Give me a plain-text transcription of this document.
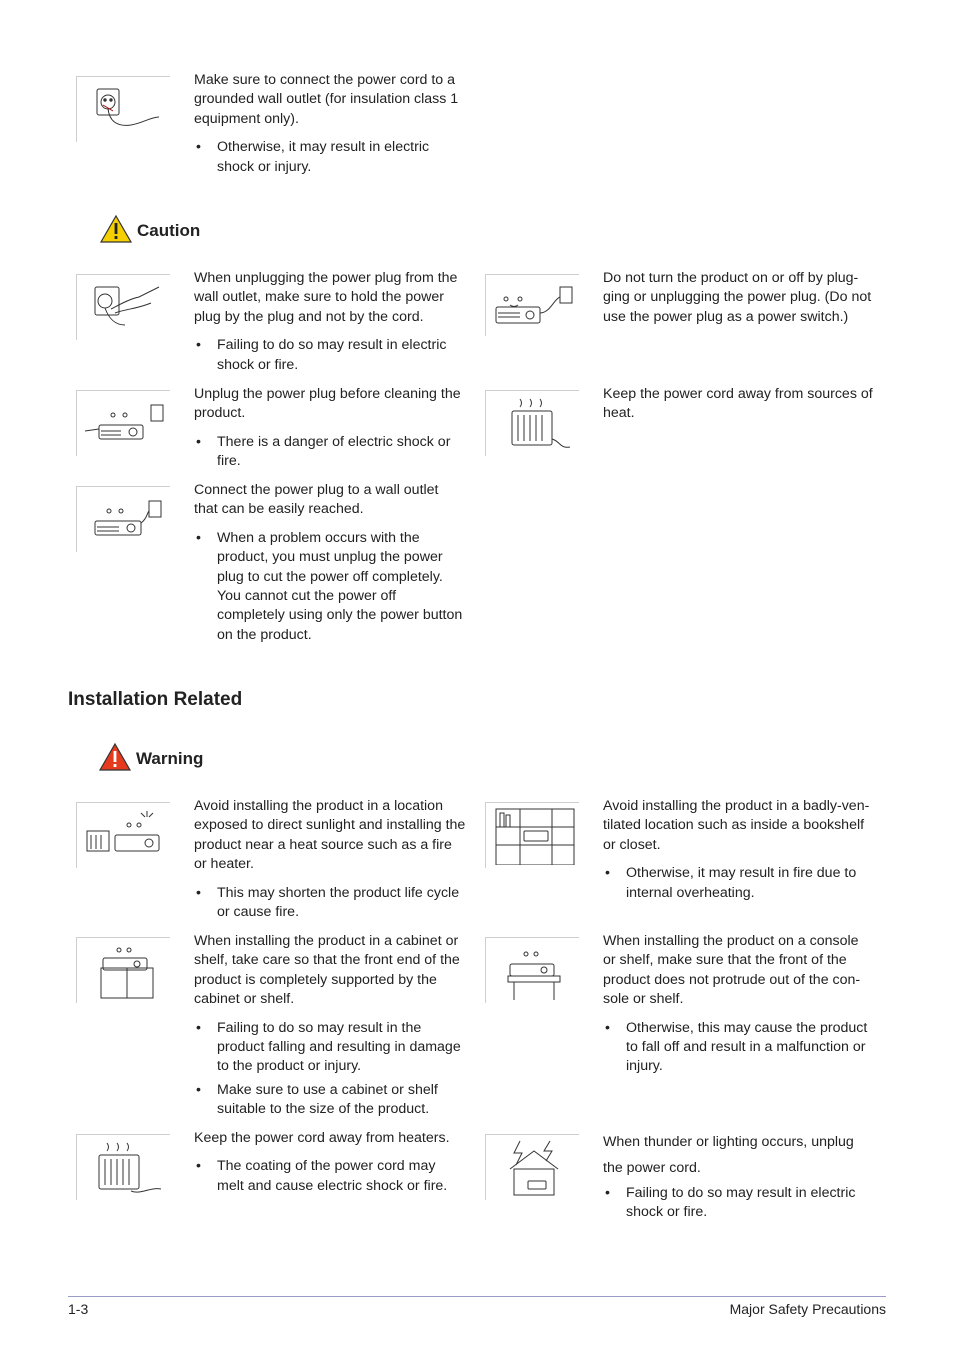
Make sure to connect the power cord to a grounded wall outlet (for insulation class 1 equipment only).

• Otherwise, it may result in electric shock or injury.
Caution

When unplugging the power plug from the wall outlet, make sure to hold the power plug by the plug and not by the cord.

• Failing to do so may result in electric shock or fire.

Do not turn the product on or off by plug-ging or unplugging the power plug. (Do not use the power plug as a power switch.)

Unplug the power plug before cleaning the product.

• There is a danger of electric shock or fire.

Keep the power cord away from sources of heat.

Connect the power plug to a wall outlet that can be easily reached.

• When a problem occurs with the product, you must unplug the power plug to cut the power off completely. You cannot cut the power off completely using only the power button on the product.
Installation Related
Warning

Avoid installing the product in a location exposed to direct sunlight and installing the product near a heat source such as a fire or heater.

• This may shorten the product life cycle or cause fire.

Avoid installing the product in a badly-ven-tilated location such as inside a bookshelf or closet.

• Otherwise, it may result in fire due to internal overheating.

When installing the product in a cabinet or shelf, take care so that the front end of the product is completely supported by the cabinet or shelf.

• Failing to do so may result in the product falling and resulting in damage to the product or injury.
• Make sure to use a cabinet or shelf suitable to the size of the product.

When installing the product on a console or shelf, make sure that the front of the product does not protrude out of the con-sole or shelf.

• Otherwise, this may cause the product to fall off and result in a malfunction or injury.

Keep the power cord away from heaters.

• The coating of the power cord may melt and cause electric shock or fire.

When thunder or lighting occurs, unplug the power cord.

• Failing to do so may result in electric shock or fire.
1-3	Major Safety Precautions
